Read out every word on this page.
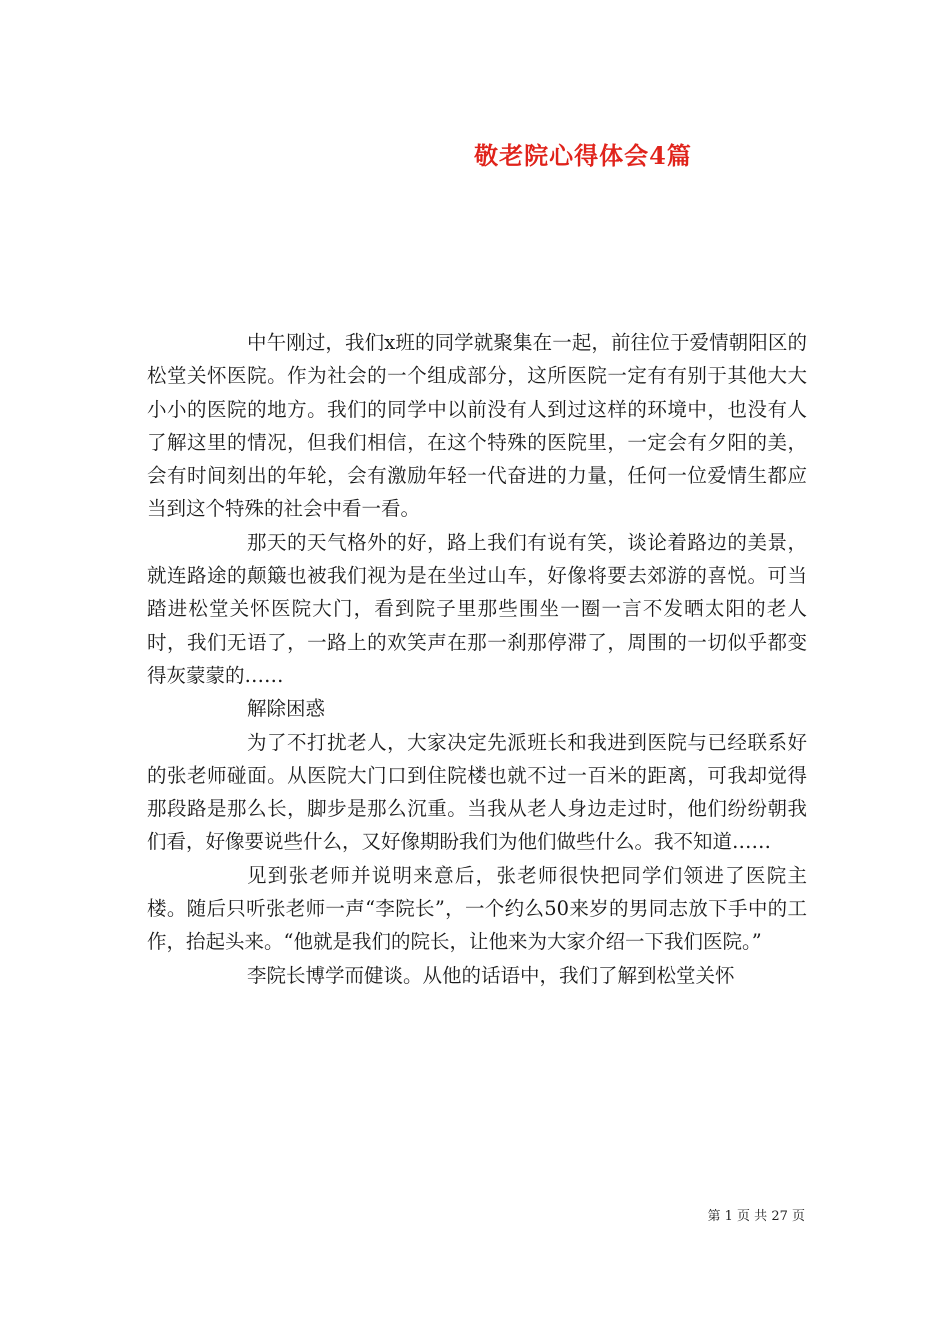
敬老院心得体会4篇

中午刚过，我们x班的同学就聚集在一起，前往位于爱情朝阳区的松堂关怀医院。作为社会的一个组成部分，这所医院一定有有别于其他大大小小的医院的地方。我们的同学中以前没有人到过这样的环境中，也没有人了解这里的情况，但我们相信，在这个特殊的医院里，一定会有夕阳的美，会有时间刻出的年轮，会有激励年轻一代奋进的力量，任何一位爱情生都应当到这个特殊的社会中看一看。

那天的天气格外的好，路上我们有说有笑，谈论着路边的美景，就连路途的颠簸也被我们视为是在坐过山车，好像将要去郊游的喜悦。可当踏进松堂关怀医院大门，看到院子里那些围坐一圈一言不发晒太阳的老人时，我们无语了，一路上的欢笑声在那一刹那停滞了，周围的一切似乎都变得灰蒙蒙的……

解除困惑

为了不打扰老人，大家决定先派班长和我进到医院与已经联系好的张老师碰面。从医院大门口到住院楼也就不过一百米的距离，可我却觉得那段路是那么长，脚步是那么沉重。当我从老人身边走过时，他们纷纷朝我们看，好像要说些什么，又好像期盼我们为他们做些什么。我不知道……

见到张老师并说明来意后，张老师很快把同学们领进了医院主楼。随后只听张老师一声“李院长”，一个约么50来岁的男同志放下手中的工作，抬起头来。“他就是我们的院长，让他来为大家介绍一下我们医院。”

李院长博学而健谈。从他的话语中，我们了解到松堂关怀

第 1 页 共 27 页
